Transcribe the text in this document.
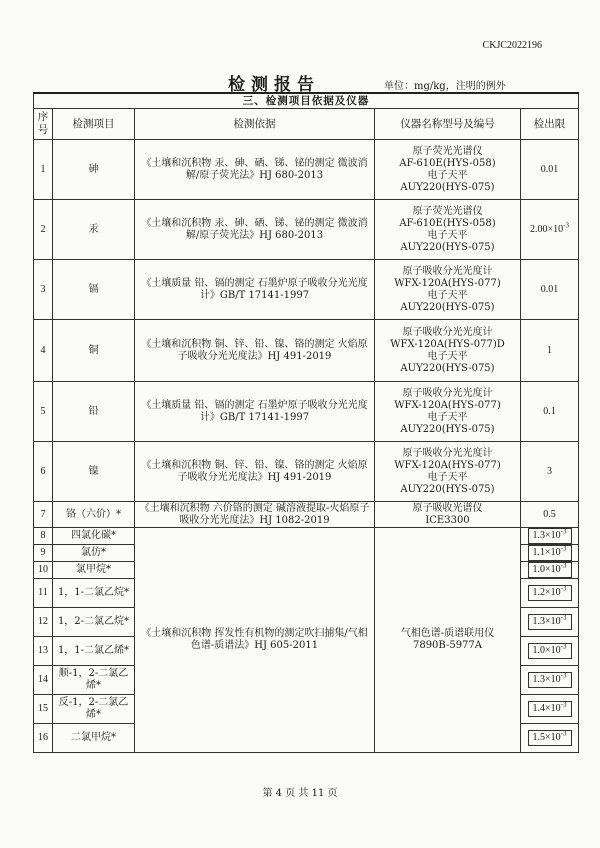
CKJC2022196
检测报告	单位：mg/kg，注明的例外
三、检测项目依据及仪器				
序号	检测项目	检测依据	仪器名称型号及编号	检出限
1	砷	《土壤和沉积物 汞、砷、硒、锑、铋的测定 微波消解/原子荧光法》HJ 680-2013	原子荧光光谱仪
AF-610E(HYS-058)
电子天平
AUY220(HYS-075)	0.01
2	汞	《土壤和沉积物 汞、砷、硒、锑、铋的测定 微波消解/原子荧光法》HJ 680-2013	原子荧光光谱仪
AF-610E(HYS-058)
电子天平
AUY220(HYS-075)	$2.00\times 10^{-3}$
3	镉	《土壤质量 铅、镉的测定 石墨炉原子吸收分光光度计》GB/T 17141-1997	原子吸收分光光度计
WFX-120A(HYS-077)
电子天平
AUY220(HYS-075)	0.01
4	铜	《土壤和沉积物 铜、锌、铅、镍、铬的测定 火焰原子吸收分光光度法》HJ 491-2019	原子吸收分光光度计
WFX-120A(HYS-077)D
电子天平
AUY220(HYS-075)	1
5	铅	《土壤质量 铅、镉的测定 石墨炉原子吸收分光光度计》GB/T 17141-1997	原子吸收分光光度计
WFX-120A(HYS-077)
电子天平
AUY220(HYS-075)	0.1
6	镍	《土壤和沉积物 铜、锌、铅、镍、铬的测定 火焰原子吸收分光光度法》HJ 491-2019	原子吸收分光光度计
WFX-120A(HYS-077)
电子天平
AUY220(HYS-075)	3
7	铬（六价）*	《土壤和沉积物 六价铬的测定 碱溶液提取-火焰原子吸收分光光度法》HJ 1082-2019	原子吸收光谱仪
ICE3300	0.5
8	四氯化碳*	《土壤和沉积物 挥发性有机物的测定吹扫捕集/气相色谱-质谱法》HJ 605-2011	气相色谱-质谱联用仪
7890B-5977A	$1.3\times 10^{-3}$
9	氯仿*			$1.1\times 10^{-3}$
10	氯甲烷*			$1.0\times 10^{-3}$
11	1，1-二氯乙烷*			$1.2\times 10^{-3}$
12	1，2-二氯乙烷*			$1.3\times 10^{-3}$
13	1，1-二氯乙烯*			$1.0\times 10^{-3}$
14	顺-1，2-二氯乙烯*			$1.3\times 10^{-3}$
15	反-1，2-二氯乙烯*			$1.4\times 10^{-3}$
16	二氯甲烷*			$1.5\times 10^{-3}$
第 4 页 共 11 页
